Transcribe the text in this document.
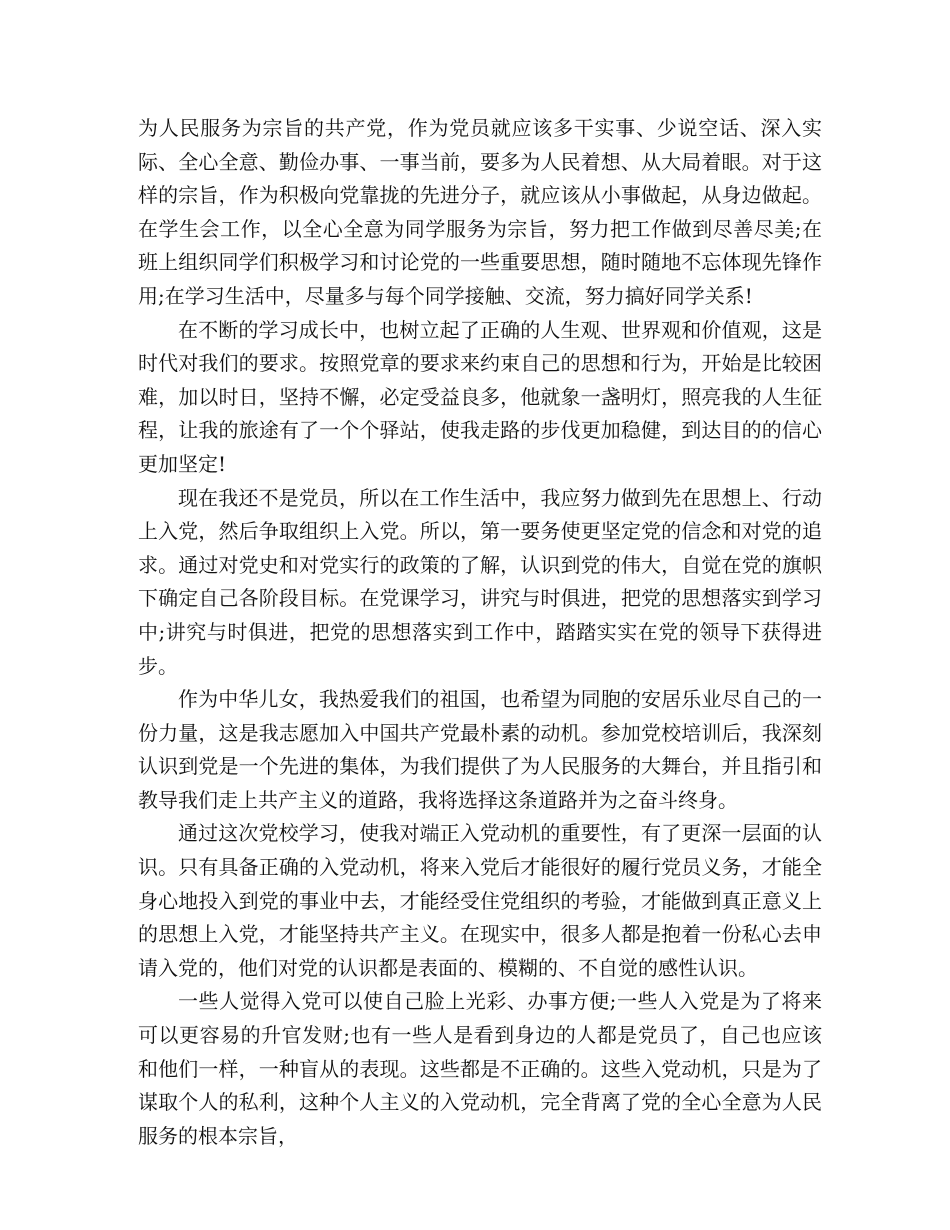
为人民服务为宗旨的共产党，作为党员就应该多干实事、少说空话、深入实际、全心全意、勤俭办事、一事当前，要多为人民着想、从大局着眼。对于这样的宗旨，作为积极向党靠拢的先进分子，就应该从小事做起，从身边做起。在学生会工作，以全心全意为同学服务为宗旨，努力把工作做到尽善尽美;在班上组织同学们积极学习和讨论党的一些重要思想，随时随地不忘体现先锋作用;在学习生活中，尽量多与每个同学接触、交流，努力搞好同学关系!

在不断的学习成长中，也树立起了正确的人生观、世界观和价值观，这是时代对我们的要求。按照党章的要求来约束自己的思想和行为，开始是比较困难，加以时日，坚持不懈，必定受益良多，他就象一盏明灯，照亮我的人生征程，让我的旅途有了一个个驿站，使我走路的步伐更加稳健，到达目的的信心更加坚定!

现在我还不是党员，所以在工作生活中，我应努力做到先在思想上、行动上入党，然后争取组织上入党。所以，第一要务使更坚定党的信念和对党的追求。通过对党史和对党实行的政策的了解，认识到党的伟大，自觉在党的旗帜下确定自己各阶段目标。在党课学习，讲究与时俱进，把党的思想落实到学习中;讲究与时俱进，把党的思想落实到工作中，踏踏实实在党的领导下获得进步。

作为中华儿女，我热爱我们的祖国，也希望为同胞的安居乐业尽自己的一份力量，这是我志愿加入中国共产党最朴素的动机。参加党校培训后，我深刻认识到党是一个先进的集体，为我们提供了为人民服务的大舞台，并且指引和教导我们走上共产主义的道路，我将选择这条道路并为之奋斗终身。

通过这次党校学习，使我对端正入党动机的重要性，有了更深一层面的认识。只有具备正确的入党动机，将来入党后才能很好的履行党员义务，才能全身心地投入到党的事业中去，才能经受住党组织的考验，才能做到真正意义上的思想上入党，才能坚持共产主义。在现实中，很多人都是抱着一份私心去申请入党的，他们对党的认识都是表面的、模糊的、不自觉的感性认识。

一些人觉得入党可以使自己脸上光彩、办事方便;一些人入党是为了将来可以更容易的升官发财;也有一些人是看到身边的人都是党员了，自己也应该和他们一样，一种盲从的表现。这些都是不正确的。这些入党动机，只是为了谋取个人的私利，这种个人主义的入党动机，完全背离了党的全心全意为人民服务的根本宗旨，
